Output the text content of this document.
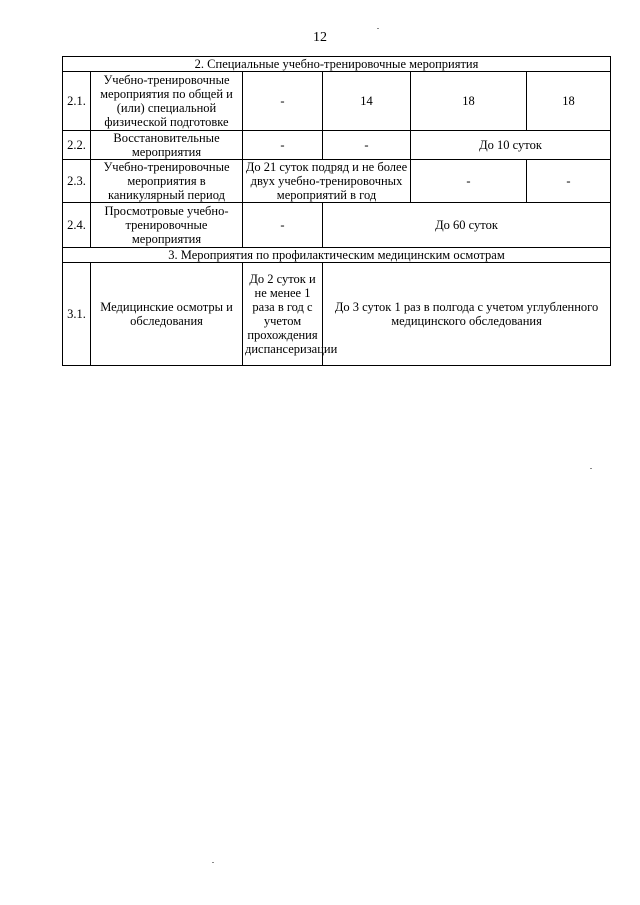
12
2. Специальные учебно-тренировочные мероприятия					
2.1.	Учебно-тренировочные мероприятия по общей и (или) специальной физической подготовке	-	14	18	18
2.2.	Восстановительные мероприятия	-	-	До 10 суток	
2.3.	Учебно-тренировочные мероприятия в каникулярный период	До 21 суток подряд и не более двух учебно-тренировочных мероприятий в год		-	-
2.4.	Просмотровые учебно-тренировочные мероприятия	-	До 60 суток		
3. Мероприятия по профилактическим медицинским осмотрам					
3.1.	Медицинские осмотры и обследования	До 2 суток и не менее 1 раза в год с учетом прохождения диспансеризации	До 3 суток 1 раз в полгода с учетом углубленного медицинского обследования		
